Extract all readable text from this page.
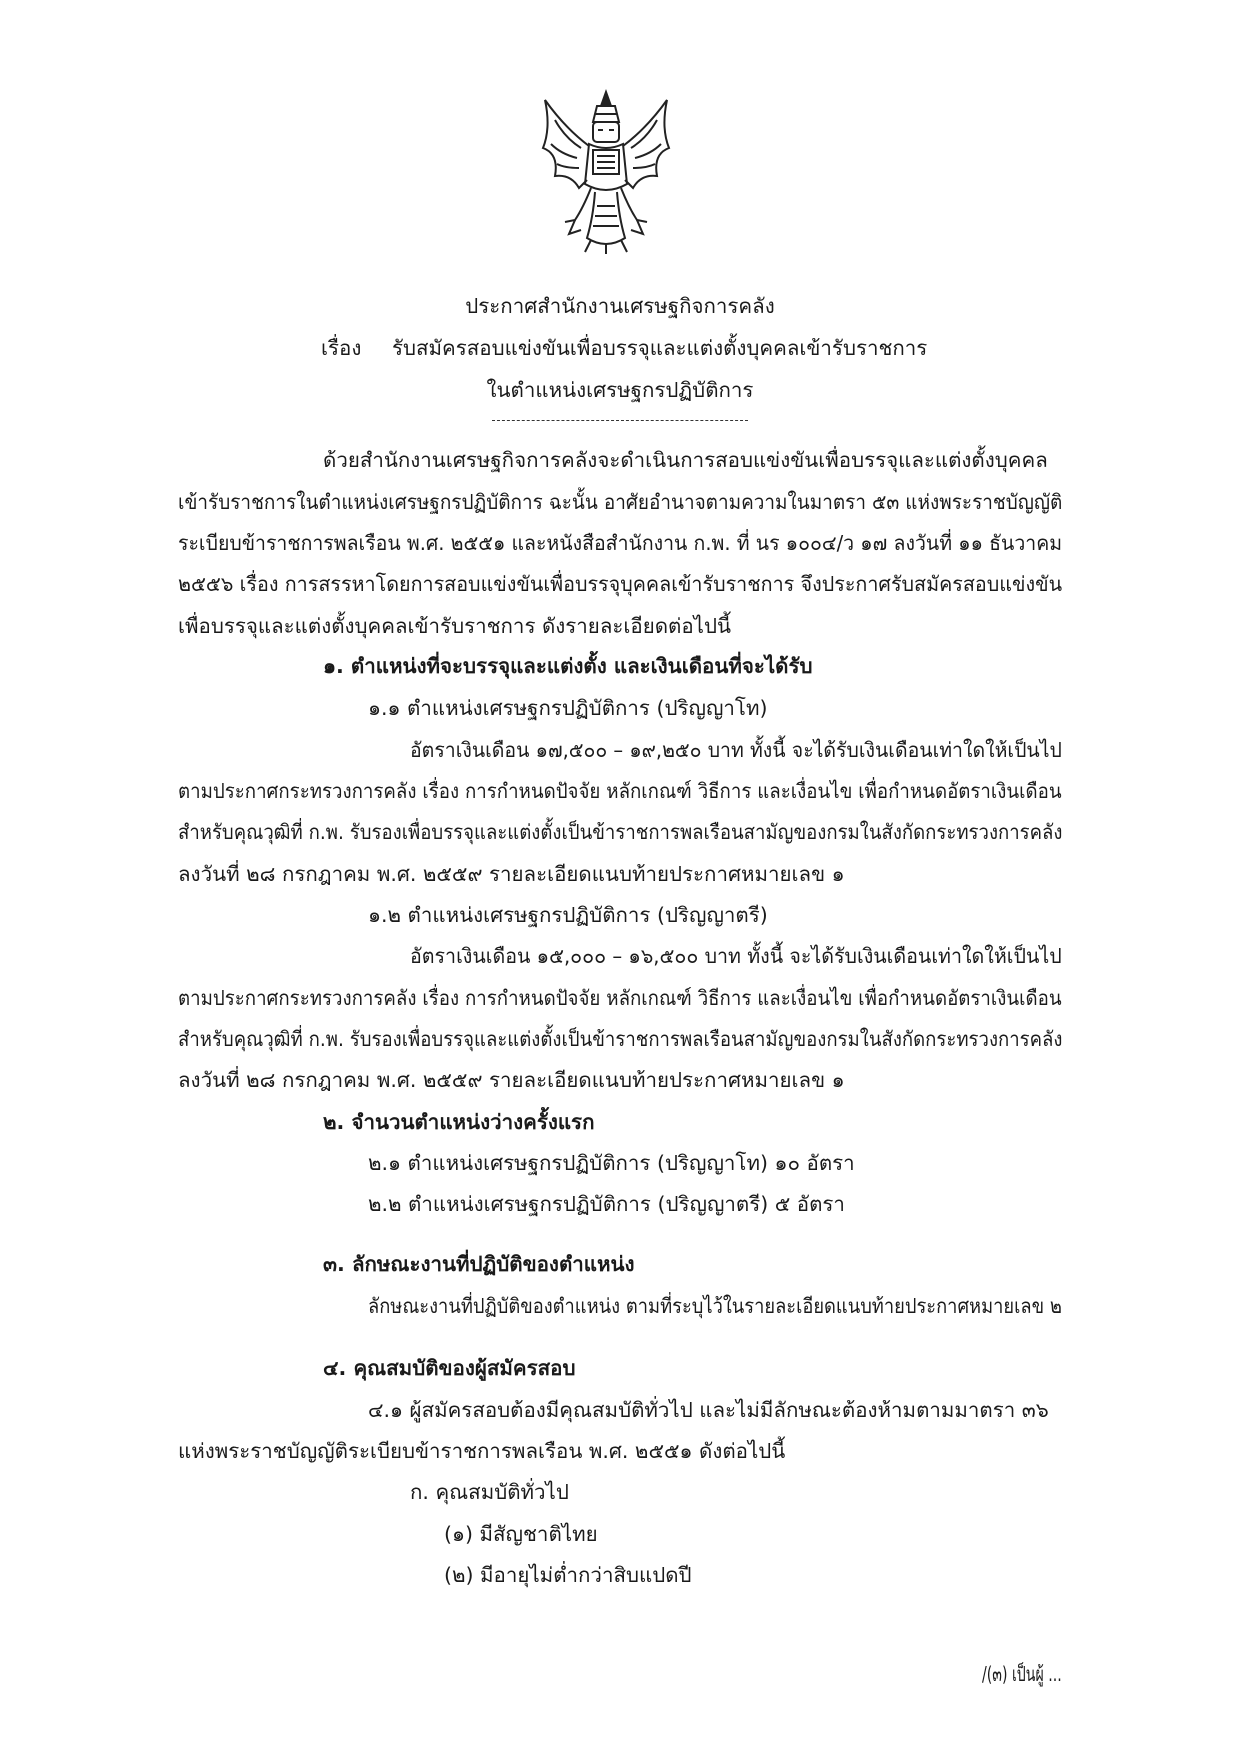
ประกาศสำนักงานเศรษฐกิจการคลัง
เรื่อง รับสมัครสอบแข่งขันเพื่อบรรจุและแต่งตั้งบุคคลเข้ารับราชการ
ในตำแหน่งเศรษฐกรปฏิบัติการ
ด้วยสำนักงานเศรษฐกิจการคลังจะดำเนินการสอบแข่งขันเพื่อบรรจุและแต่งตั้งบุคคล
เข้ารับราชการในตำแหน่งเศรษฐกรปฏิบัติการ ฉะนั้น อาศัยอำนาจตามความในมาตรา ๕๓ แห่งพระราชบัญญัติ
ระเบียบข้าราชการพลเรือน พ.ศ. ๒๕๕๑ และหนังสือสำนักงาน ก.พ. ที่ นร ๑๐๐๔/ว ๑๗ ลงวันที่ ๑๑ ธันวาคม
๒๕๕๖ เรื่อง การสรรหาโดยการสอบแข่งขันเพื่อบรรจุบุคคลเข้ารับราชการ จึงประกาศรับสมัครสอบแข่งขัน
เพื่อบรรจุและแต่งตั้งบุคคลเข้ารับราชการ ดังรายละเอียดต่อไปนี้
๑. ตำแหน่งที่จะบรรจุและแต่งตั้ง และเงินเดือนที่จะได้รับ
๑.๑ ตำแหน่งเศรษฐกรปฏิบัติการ (ปริญญาโท)
อัตราเงินเดือน ๑๗,๕๐๐ – ๑๙,๒๕๐ บาท ทั้งนี้ จะได้รับเงินเดือนเท่าใดให้เป็นไป
ตามประกาศกระทรวงการคลัง เรื่อง การกำหนดปัจจัย หลักเกณฑ์ วิธีการ และเงื่อนไข เพื่อกำหนดอัตราเงินเดือน
สำหรับคุณวุฒิที่ ก.พ. รับรองเพื่อบรรจุและแต่งตั้งเป็นข้าราชการพลเรือนสามัญของกรมในสังกัดกระทรวงการคลัง
ลงวันที่ ๒๘ กรกฎาคม พ.ศ. ๒๕๕๙ รายละเอียดแนบท้ายประกาศหมายเลข ๑
๑.๒ ตำแหน่งเศรษฐกรปฏิบัติการ (ปริญญาตรี)
อัตราเงินเดือน ๑๕,๐๐๐ – ๑๖,๕๐๐ บาท ทั้งนี้ จะได้รับเงินเดือนเท่าใดให้เป็นไป
ตามประกาศกระทรวงการคลัง เรื่อง การกำหนดปัจจัย หลักเกณฑ์ วิธีการ และเงื่อนไข เพื่อกำหนดอัตราเงินเดือน
สำหรับคุณวุฒิที่ ก.พ. รับรองเพื่อบรรจุและแต่งตั้งเป็นข้าราชการพลเรือนสามัญของกรมในสังกัดกระทรวงการคลัง
ลงวันที่ ๒๘ กรกฎาคม พ.ศ. ๒๕๕๙ รายละเอียดแนบท้ายประกาศหมายเลข ๑
๒. จำนวนตำแหน่งว่างครั้งแรก
๒.๑ ตำแหน่งเศรษฐกรปฏิบัติการ (ปริญญาโท) ๑๐ อัตรา
๒.๒ ตำแหน่งเศรษฐกรปฏิบัติการ (ปริญญาตรี) ๕ อัตรา
๓. ลักษณะงานที่ปฏิบัติของตำแหน่ง
ลักษณะงานที่ปฏิบัติของตำแหน่ง ตามที่ระบุไว้ในรายละเอียดแนบท้ายประกาศหมายเลข ๒
๔. คุณสมบัติของผู้สมัครสอบ
๔.๑ ผู้สมัครสอบต้องมีคุณสมบัติทั่วไป และไม่มีลักษณะต้องห้ามตามมาตรา ๓๖
แห่งพระราชบัญญัติระเบียบข้าราชการพลเรือน พ.ศ. ๒๕๕๑ ดังต่อไปนี้
ก. คุณสมบัติทั่วไป
(๑) มีสัญชาติไทย
(๒) มีอายุไม่ต่ำกว่าสิบแปดปี
/(๓) เป็นผู้ ...
